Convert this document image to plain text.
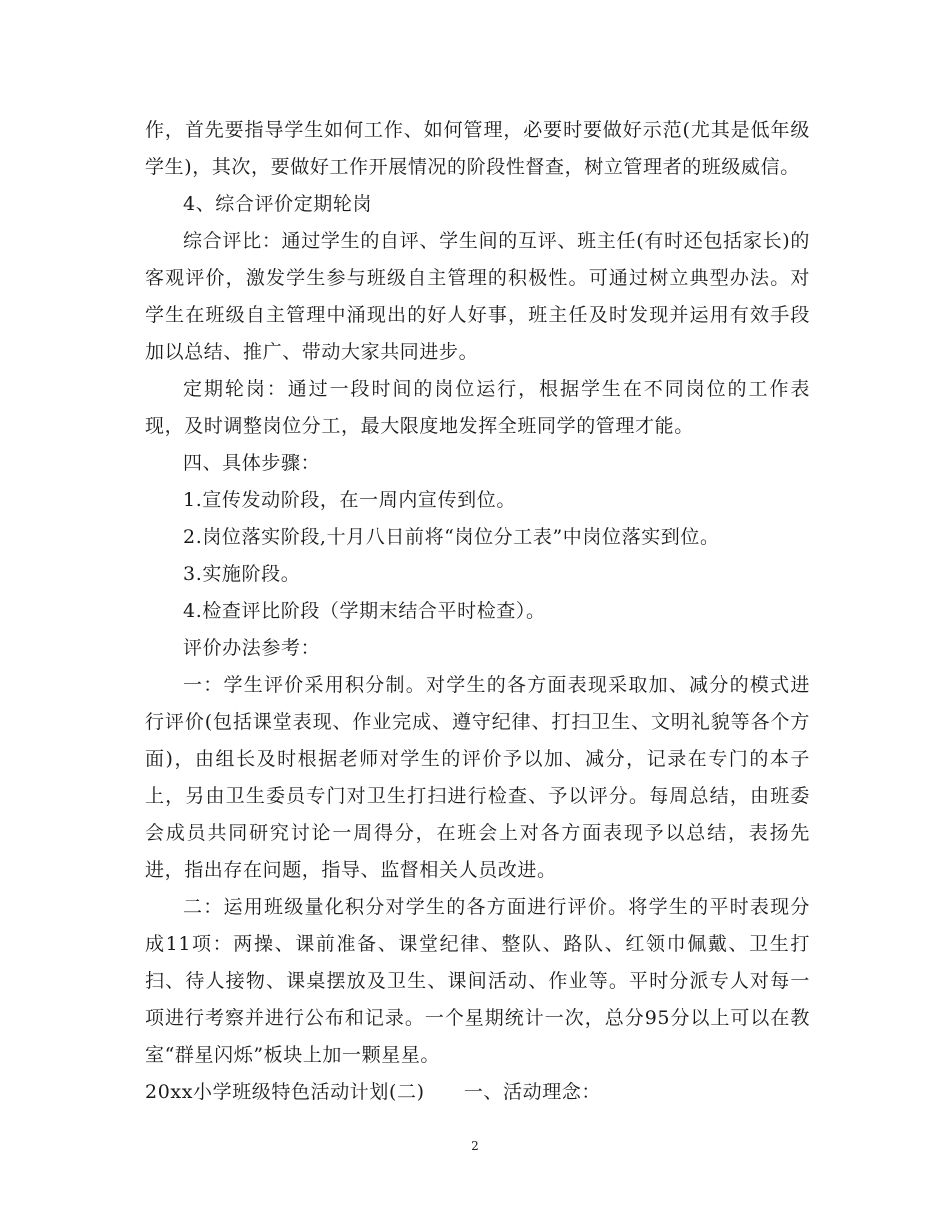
作，首先要指导学生如何工作、如何管理，必要时要做好示范(尤其是低年级学生)，其次，要做好工作开展情况的阶段性督查，树立管理者的班级威信。

4、综合评价定期轮岗

综合评比：通过学生的自评、学生间的互评、班主任(有时还包括家长)的客观评价，激发学生参与班级自主管理的积极性。可通过树立典型办法。对学生在班级自主管理中涌现出的好人好事，班主任及时发现并运用有效手段加以总结、推广、带动大家共同进步。

定期轮岗：通过一段时间的岗位运行，根据学生在不同岗位的工作表现，及时调整岗位分工，最大限度地发挥全班同学的管理才能。

四、具体步骤：

1.宣传发动阶段，在一周内宣传到位。

2.岗位落实阶段,十月八日前将“岗位分工表”中岗位落实到位。

3.实施阶段。

4.检查评比阶段（学期末结合平时检查）。

评价办法参考：

一：学生评价采用积分制。对学生的各方面表现采取加、减分的模式进行评价(包括课堂表现、作业完成、遵守纪律、打扫卫生、文明礼貌等各个方面)，由组长及时根据老师对学生的评价予以加、减分，记录在专门的本子上，另由卫生委员专门对卫生打扫进行检查、予以评分。每周总结，由班委会成员共同研究讨论一周得分，在班会上对各方面表现予以总结，表扬先进，指出存在问题，指导、监督相关人员改进。

二：运用班级量化积分对学生的各方面进行评价。将学生的平时表现分成11项：两操、课前准备、课堂纪律、整队、路队、红领巾佩戴、卫生打扫、待人接物、课桌摆放及卫生、课间活动、作业等。平时分派专人对每一项进行考察并进行公布和记录。一个星期统计一次，总分95分以上可以在教室“群星闪烁”板块上加一颗星星。

20xx小学班级特色活动计划(二)　　一、活动理念：

2
